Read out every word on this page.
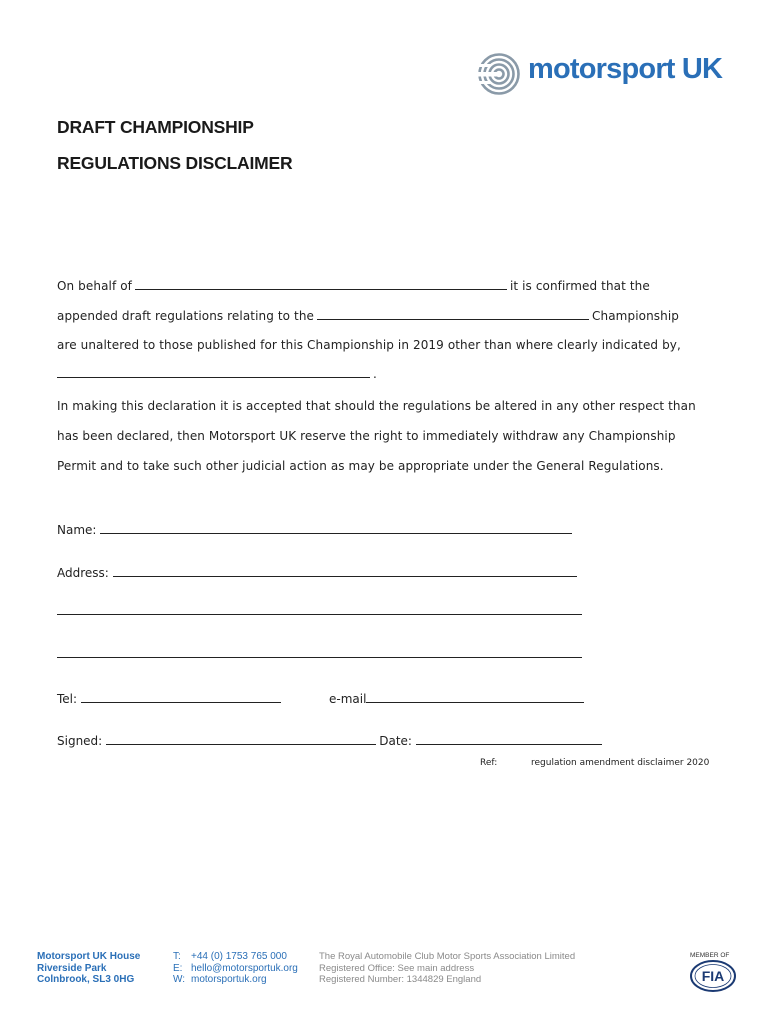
motorsport UK
DRAFT CHAMPIONSHIP
REGULATIONS DISCLAIMER
On behalf of	it is confirmed that the
appended draft regulations relating to the	Championship
are unaltered to those published for this Championship in 2019 other than where clearly indicated by,
.
In making this declaration it is accepted that should the regulations be altered in any other respect than
has been declared, then Motorsport UK reserve the right to immediately withdraw any Championship
Permit and to take such other judicial action as may be appropriate under the General Regulations.
Name:
Address:
Tel:	e-mail
Signed:	Date:
Ref:	regulation amendment disclaimer 2020
Motorsport UK House
Riverside Park
Colnbrook, SL3 0HG
T: +44 (0) 1753 765 000
E: hello@motorsportuk.org
W: motorsportuk.org
The Royal Automobile Club Motor Sports Association Limited
Registered Office: See main address
Registered Number: 1344829 England
MEMBER OF
FIA
